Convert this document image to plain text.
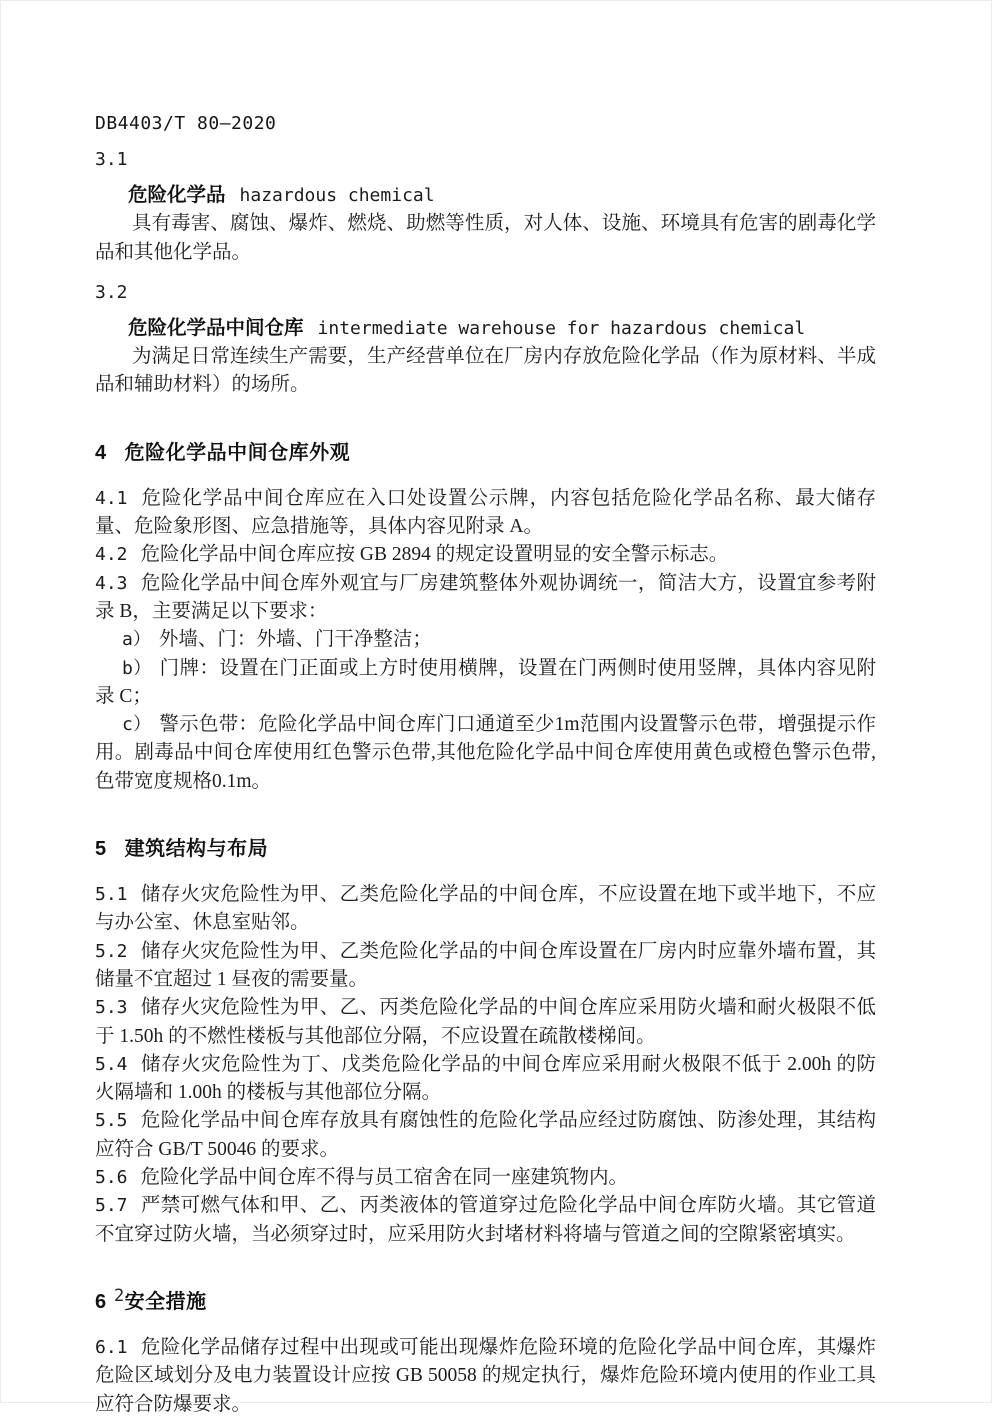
DB4403/T 80—2020

3.1

危险化学品 hazardous chemical

具有毒害、腐蚀、爆炸、燃烧、助燃等性质，对人体、设施、环境具有危害的剧毒化学品和其他化学品。

3.2

危险化学品中间仓库 intermediate warehouse for hazardous chemical

为满足日常连续生产需要，生产经营单位在厂房内存放危险化学品（作为原材料、半成品和辅助材料）的场所。

4 危险化学品中间仓库外观

4.1 危险化学品中间仓库应在入口处设置公示牌，内容包括危险化学品名称、最大储存量、危险象形图、应急措施等，具体内容见附录 A。

4.2 危险化学品中间仓库应按 GB 2894 的规定设置明显的安全警示标志。

4.3 危险化学品中间仓库外观宜与厂房建筑整体外观协调统一，简洁大方，设置宜参考附录 B，主要满足以下要求：

a） 外墙、门：外墙、门干净整洁；

b） 门牌：设置在门正面或上方时使用横牌，设置在门两侧时使用竖牌，具体内容见附录 C；

c） 警示色带：危险化学品中间仓库门口通道至少1m范围内设置警示色带，增强提示作用。剧毒品中间仓库使用红色警示色带,其他危险化学品中间仓库使用黄色或橙色警示色带,色带宽度规格0.1m。

5 建筑结构与布局

5.1 储存火灾危险性为甲、乙类危险化学品的中间仓库，不应设置在地下或半地下，不应与办公室、休息室贴邻。

5.2 储存火灾危险性为甲、乙类危险化学品的中间仓库设置在厂房内时应靠外墙布置，其储量不宜超过 1 昼夜的需要量。

5.3 储存火灾危险性为甲、乙、丙类危险化学品的中间仓库应采用防火墙和耐火极限不低于 1.50h 的不燃性楼板与其他部位分隔，不应设置在疏散楼梯间。

5.4 储存火灾危险性为丁、戊类危险化学品的中间仓库应采用耐火极限不低于 2.00h 的防火隔墙和 1.00h 的楼板与其他部位分隔。

5.5 危险化学品中间仓库存放具有腐蚀性的危险化学品应经过防腐蚀、防渗处理，其结构应符合 GB/T 50046 的要求。

5.6 危险化学品中间仓库不得与员工宿舍在同一座建筑物内。

5.7 严禁可燃气体和甲、乙、丙类液体的管道穿过危险化学品中间仓库防火墙。其它管道不宜穿过防火墙，当必须穿过时，应采用防火封堵材料将墙与管道之间的空隙紧密填实。

6 安全措施

6.1 危险化学品储存过程中出现或可能出现爆炸危险环境的危险化学品中间仓库，其爆炸危险区域划分及电力装置设计应按 GB 50058 的规定执行，爆炸危险环境内使用的作业工具应符合防爆要求。

2
